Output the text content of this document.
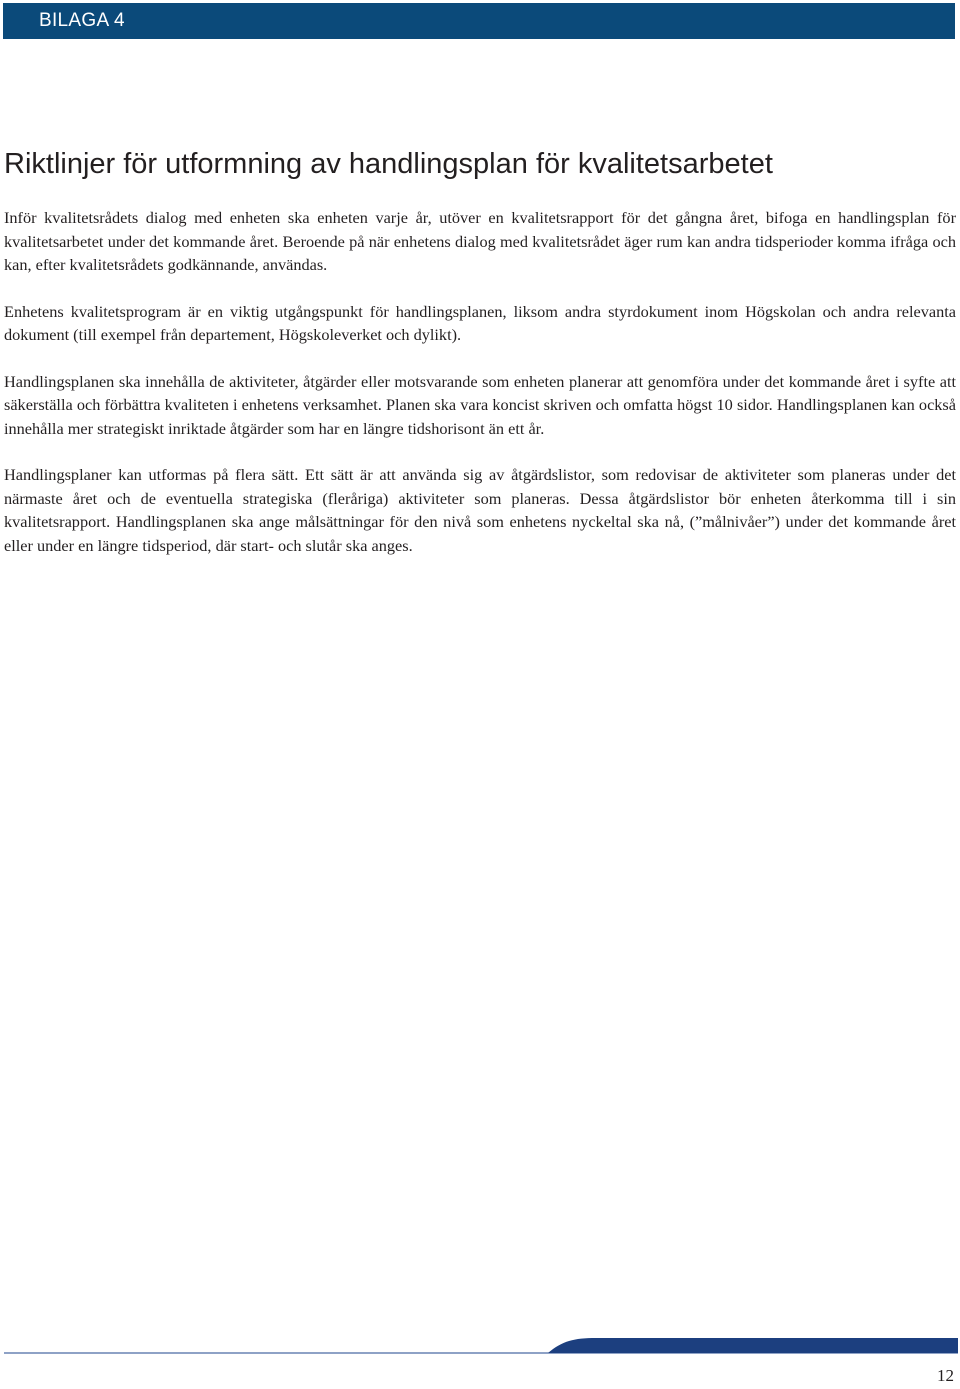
BILAGA 4
Riktlinjer för utformning av handlingsplan för kvalitetsarbetet

Inför kvalitetsrådets dialog med enheten ska enheten varje år, utöver en kvalitetsrapport för det gångna året, bifoga en handlingsplan för kvalitetsarbetet under det kommande året. Beroende på när enhetens dialog med kvalitetsrådet äger rum kan andra tidsperioder komma ifråga och kan, efter kvalitetsrådets godkännande, användas.

Enhetens kvalitetsprogram är en viktig utgångspunkt för handlingsplanen, liksom andra styrdokument inom Högskolan och andra relevanta dokument (till exempel från departement, Högskoleverket och dylikt).

Handlingsplanen ska innehålla de aktiviteter, åtgärder eller motsvarande som enheten planerar att genomföra under det kommande året i syfte att säkerställa och förbättra kvaliteten i enhetens verksamhet. Planen ska vara koncist skriven och omfatta högst 10 sidor. Handlingsplanen kan också innehålla mer strategiskt inriktade åtgärder som har en längre tidshorisont än ett år.

Handlingsplaner kan utformas på flera sätt. Ett sätt är att använda sig av åtgärdslistor, som redovisar de aktiviteter som planeras under det närmaste året och de eventuella strategiska (fleråriga) aktiviteter som planeras. Dessa åtgärdslistor bör enheten återkomma till i sin kvalitetsrapport. Handlingsplanen ska ange målsättningar för den nivå som enhetens nyckeltal ska nå, (”målnivåer”) under det kommande året eller under en längre tidsperiod, där start- och slutår ska anges.

12
